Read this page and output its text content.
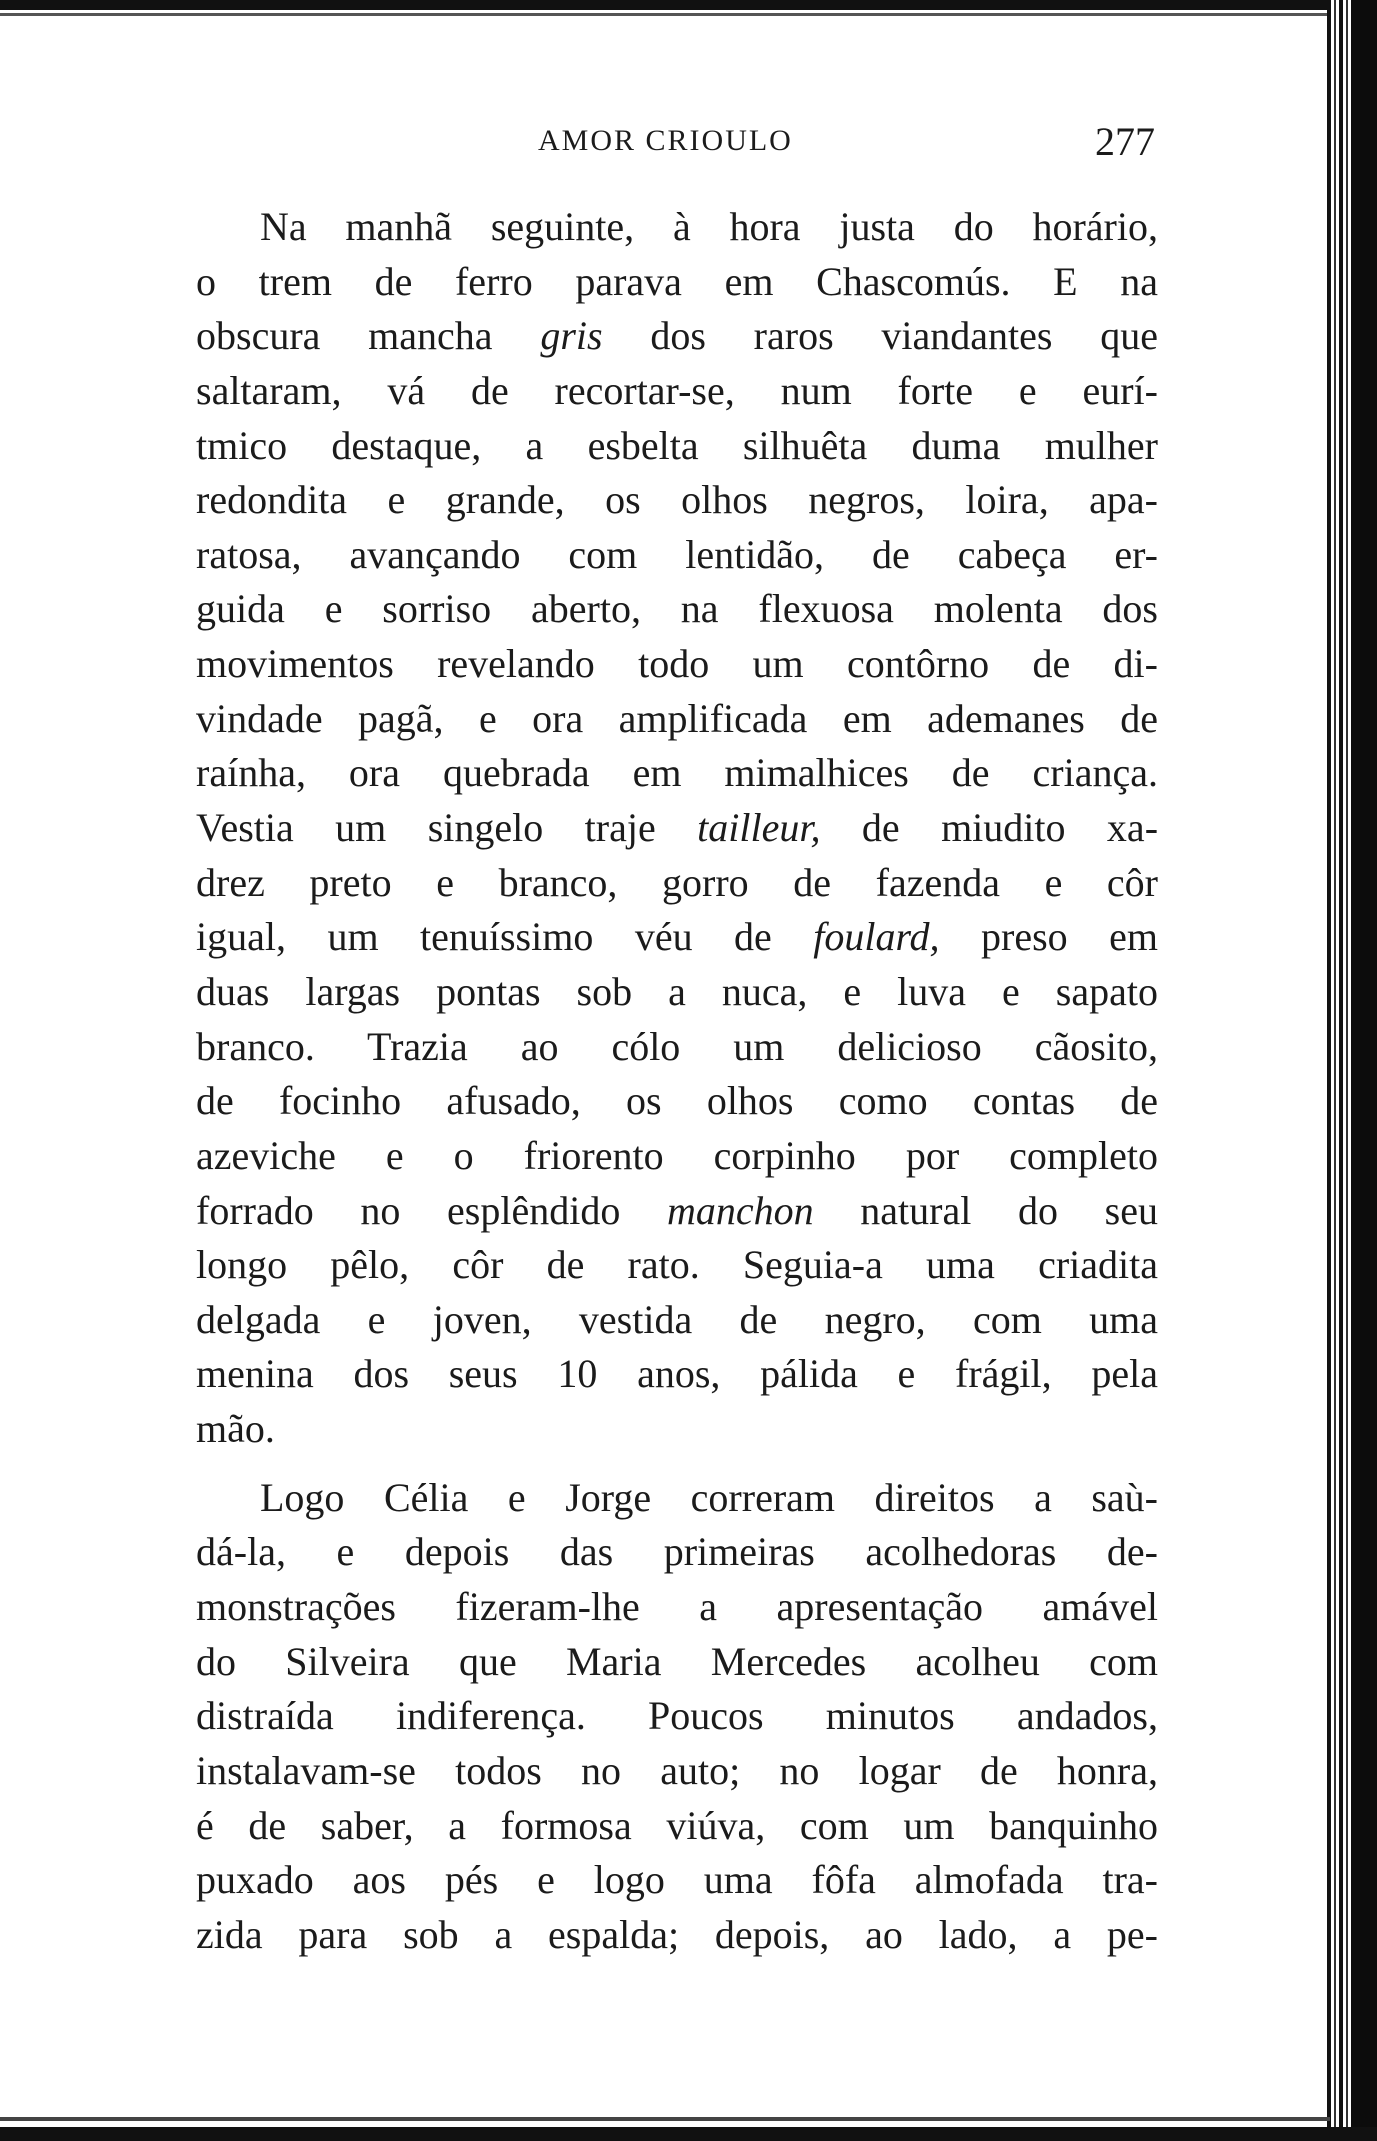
AMOR CRIOULO	277
Na manhã seguinte, à hora justa do horário,
o trem de ferro parava em Chascomús. E na
obscura mancha gris dos raros viandantes que
saltaram, vá de recortar-se, num forte e eurí-
tmico destaque, a esbelta silhuêta duma mulher
redondita e grande, os olhos negros, loira, apa-
ratosa, avançando com lentidão, de cabeça er-
guida e sorriso aberto, na flexuosa molenta dos
movimentos revelando todo um contôrno de di-
vindade pagã, e ora amplificada em ademanes de
raínha, ora quebrada em mimalhices de criança.
Vestia um singelo traje tailleur, de miudito xa-
drez preto e branco, gorro de fazenda e côr
igual, um tenuíssimo véu de foulard, preso em
duas largas pontas sob a nuca, e luva e sapato
branco. Trazia ao cólo um delicioso cãosito,
de focinho afusado, os olhos como contas de
azeviche e o friorento corpinho por completo
forrado no esplêndido manchon natural do seu
longo pêlo, côr de rato. Seguia-a uma criadita
delgada e joven, vestida de negro, com uma
menina dos seus 10 anos, pálida e frágil, pela
mão.
Logo Célia e Jorge correram direitos a saù-
dá-la, e depois das primeiras acolhedoras de-
monstrações fizeram-lhe a apresentação amável
do Silveira que Maria Mercedes acolheu com
distraída indiferença. Poucos minutos andados,
instalavam-se todos no auto; no logar de honra,
é de saber, a formosa viúva, com um banquinho
puxado aos pés e logo uma fôfa almofada tra-
zida para sob a espalda; depois, ao lado, a pe-
